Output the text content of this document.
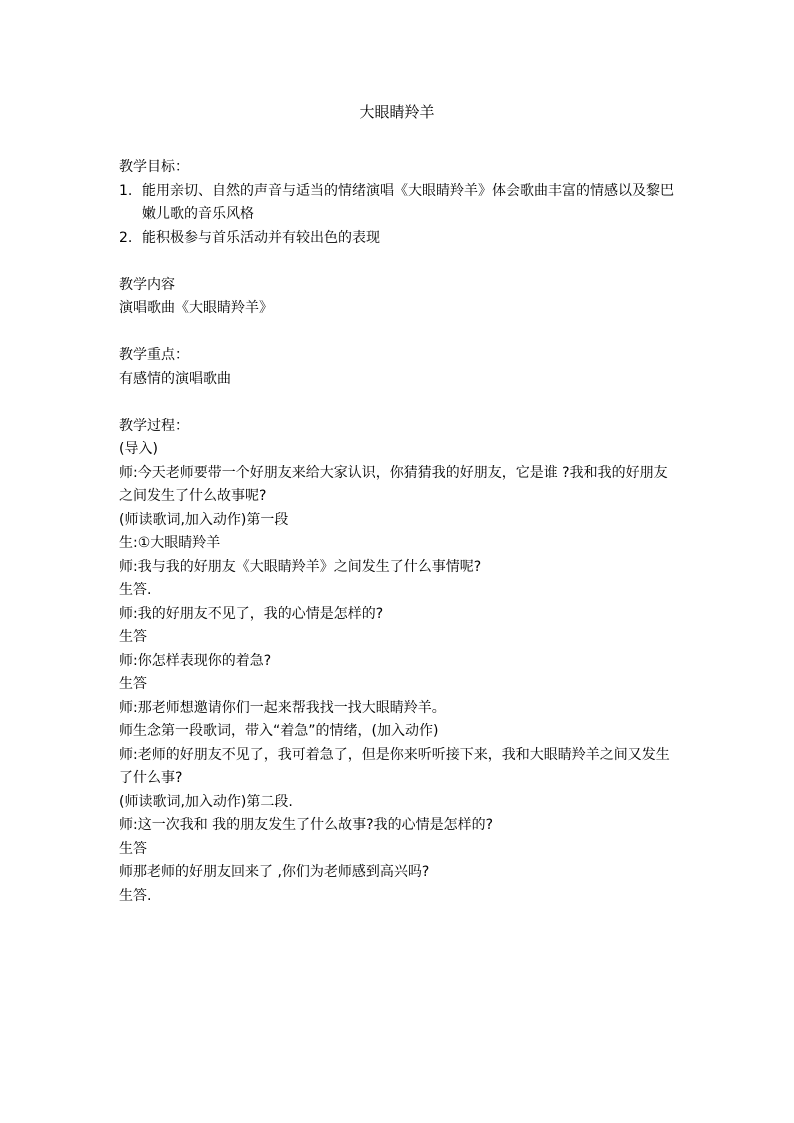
大眼睛羚羊
教学目标：
1. 能用亲切、自然的声音与适当的情绪演唱《大眼睛羚羊》体会歌曲丰富的情感以及黎巴嫩儿歌的音乐风格
2. 能积极参与首乐活动并有较出色的表现
教学内容
演唱歌曲《大眼睛羚羊》
教学重点：
有感情的演唱歌曲
教学过程：
(导入)
师:今天老师要带一个好朋友来给大家认识，你猜猜我的好朋友，它是谁 ?我和我的好朋友之间发生了什么故事呢?
(师读歌词,加入动作)第一段
生:①大眼睛羚羊
师:我与我的好朋友《大眼睛羚羊》之间发生了什么事情呢?
生答.
师:我的好朋友不见了，我的心情是怎样的?
生答
师:你怎样表现你的着急?
生答
师:那老师想邀请你们一起来帮我找一找大眼睛羚羊。
师生念第一段歌词，带入“着急”的情绪，(加入动作)
师:老师的好朋友不见了，我可着急了，但是你来听听接下来，我和大眼睛羚羊之间又发生了什么事?
(师读歌词,加入动作)第二段.
师:这一次我和 我的朋友发生了什么故事?我的心情是怎样的?
生答
师那老师的好朋友回来了 ,你们为老师感到高兴吗?
生答.
